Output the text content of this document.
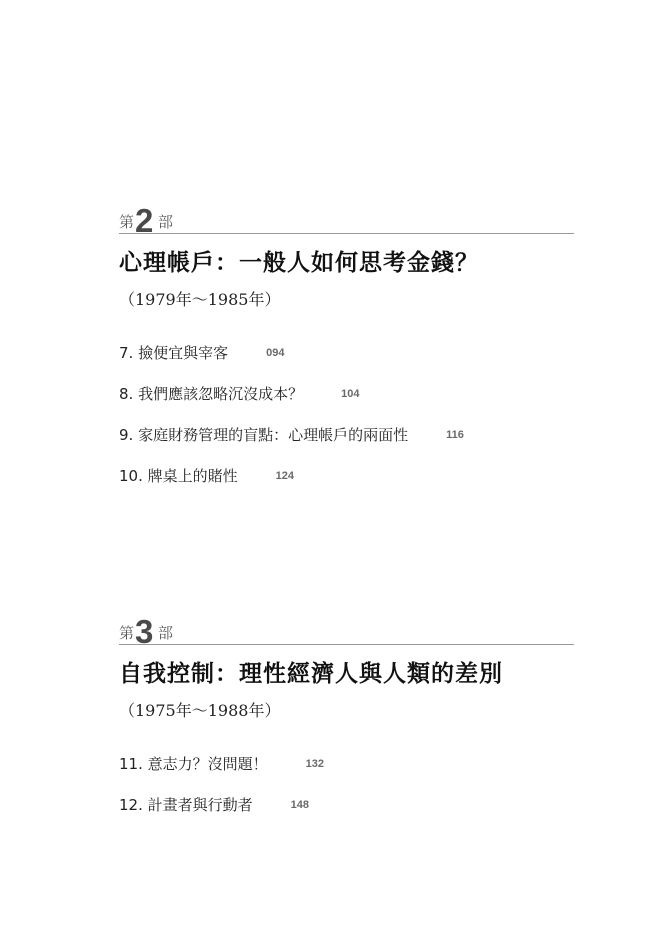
第 2 部
心理帳戶：一般人如何思考金錢？
（1979年～1985年）
7. 撿便宜與宰客	094
8. 我們應該忽略沉沒成本？	104
9. 家庭財務管理的盲點：心理帳戶的兩面性	116
10. 牌桌上的賭性	124
第 3 部
自我控制：理性經濟人與人類的差別
（1975年～1988年）
11. 意志力？沒問題！	132
12. 計畫者與行動者	148
